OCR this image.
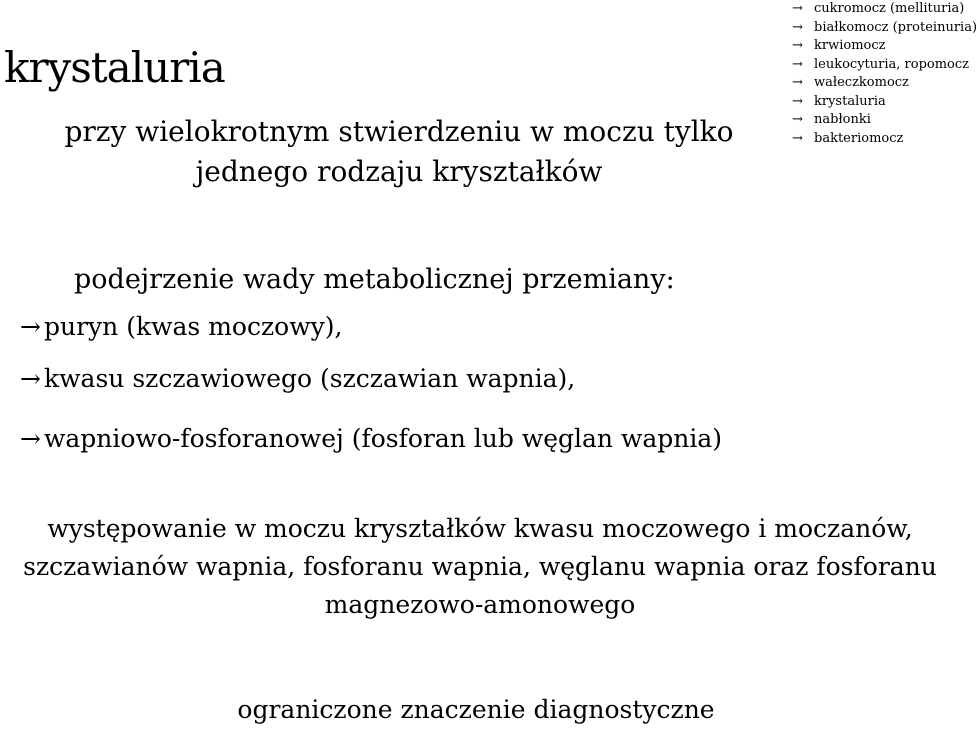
krystaluria
przy wielokrotnym stwierdzeniu w moczu tylko jednego rodzaju kryształków
→ cukromocz (mellituria)
→ białkomocz (proteinuria)
→ krwiomocz
→ leukocyturia, ropomocz
→ wałeczkomocz
→ krystaluria
→ nabłonki
→ bakteriomocz
podejrzenie wady metabolicznej przemiany:
→ puryn (kwas moczowy),
→ kwasu szczawiowego (szczawian wapnia),
→ wapniowo-fosforanowej (fosforan lub węglan wapnia)
występowanie w moczu kryształków kwasu moczowego i moczanów, szczawianów wapnia, fosforanu wapnia, węglanu wapnia oraz fosforanu magnezowo-amonowego
ograniczone znaczenie diagnostyczne
